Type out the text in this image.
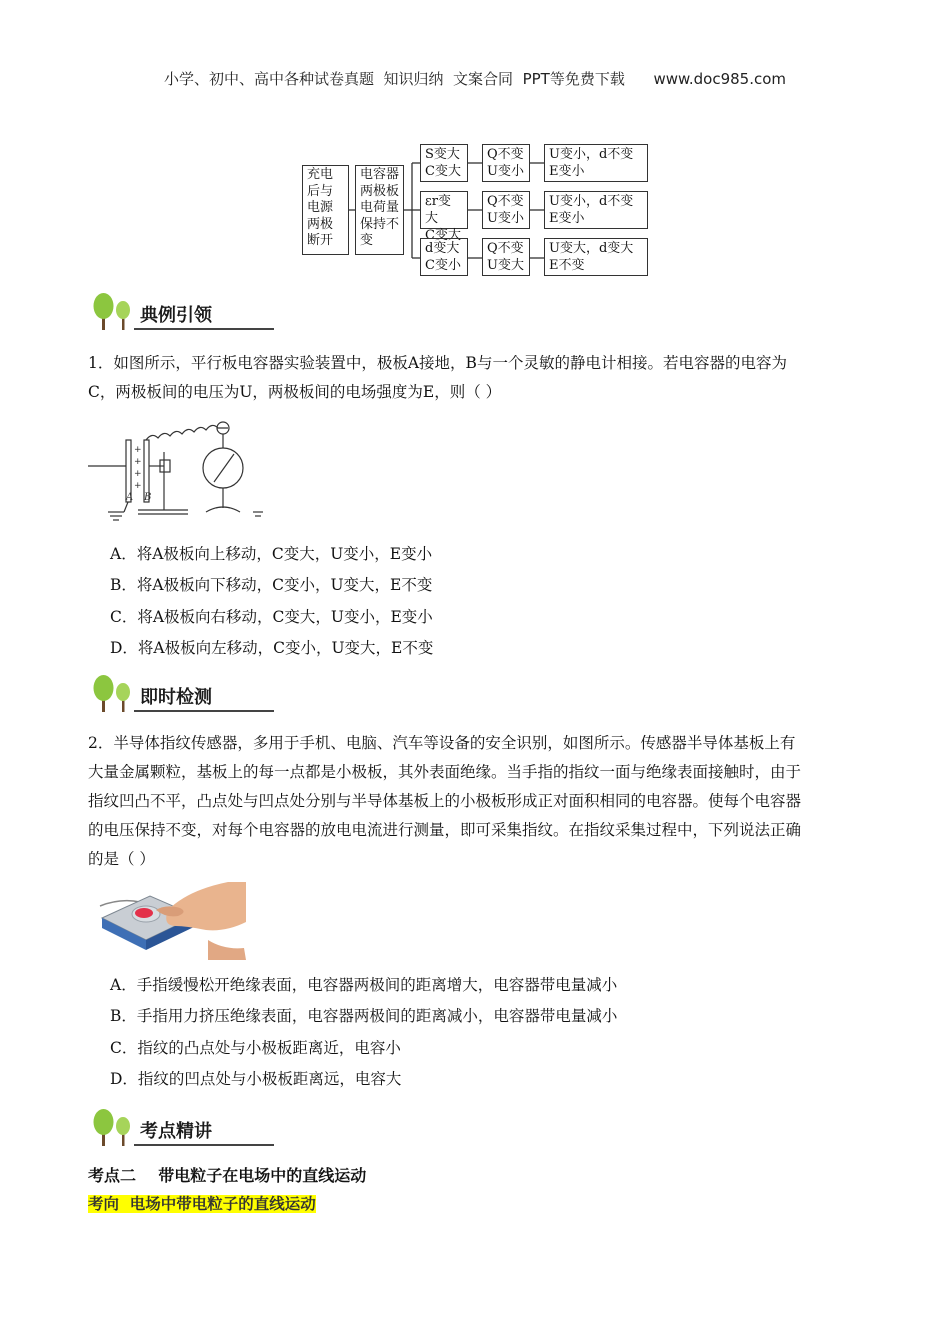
小学、初中、高中各种试卷真题  知识归纳  文案合同  PPT等免费下载      www.doc985.com
充电
后与
电源
两极
断开
电容器
两极板
电荷量
保持不
变
S变大
C变大
εr变大
C变大
d变大
C变小
Q不变
U变小
Q不变
U变小
Q不变
U变大
U变小，d不变
E变小
U变小，d不变
E变小
U变大，d变大
E不变
典例引领
1．如图所示，平行板电容器实验装置中，极板A接地，B与一个灵敏的静电计相接。若电容器的电容为
C，两极板间的电压为U，两极板间的电场强度为E，则（ ）
+
+
+
+
A B
A．将A极板向上移动，C变大，U变小，E变小
B．将A极板向下移动，C变小，U变大，E不变
C．将A极板向右移动，C变大，U变小，E变小
D．将A极板向左移动，C变小，U变大，E不变
即时检测
2．半导体指纹传感器，多用于手机、电脑、汽车等设备的安全识别，如图所示。传感器半导体基板上有
大量金属颗粒，基板上的每一点都是小极板，其外表面绝缘。当手指的指纹一面与绝缘表面接触时，由于
指纹凹凸不平，凸点处与凹点处分别与半导体基板上的小极板形成正对面积相同的电容器。使每个电容器
的电压保持不变，对每个电容器的放电电流进行测量，即可采集指纹。在指纹采集过程中，下列说法正确
的是（ ）
A．手指缓慢松开绝缘表面，电容器两极间的距离增大，电容器带电量减小
B．手指用力挤压绝缘表面，电容器两极间的距离减小，电容器带电量减小
C．指纹的凸点处与小极板距离近，电容小
D．指纹的凹点处与小极板距离远，电容大
考点精讲
考点二    带电粒子在电场中的直线运动
考向  电场中带电粒子的直线运动
